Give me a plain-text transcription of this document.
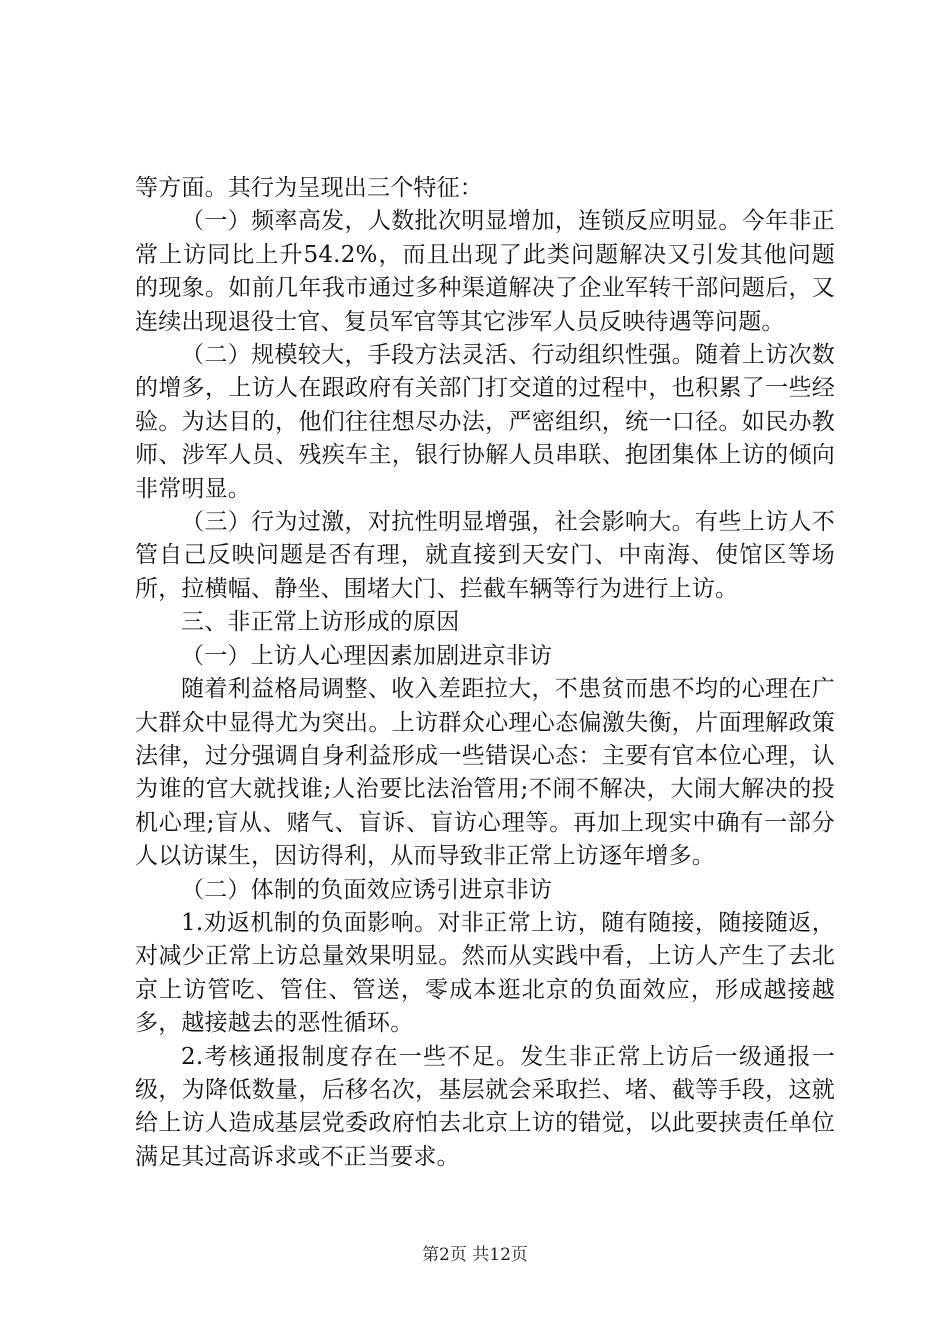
等方面。其行为呈现出三个特征：

（一）频率高发，人数批次明显增加，连锁反应明显。今年非正常上访同比上升54.2%，而且出现了此类问题解决又引发其他问题的现象。如前几年我市通过多种渠道解决了企业军转干部问题后，又连续出现退役士官、复员军官等其它涉军人员反映待遇等问题。

（二）规模较大，手段方法灵活、行动组织性强。随着上访次数的增多，上访人在跟政府有关部门打交道的过程中，也积累了一些经验。为达目的，他们往往想尽办法，严密组织，统一口径。如民办教师、涉军人员、残疾车主，银行协解人员串联、抱团集体上访的倾向非常明显。

（三）行为过激，对抗性明显增强，社会影响大。有些上访人不管自己反映问题是否有理，就直接到天安门、中南海、使馆区等场所，拉横幅、静坐、围堵大门、拦截车辆等行为进行上访。

三、非正常上访形成的原因

（一）上访人心理因素加剧进京非访

随着利益格局调整、收入差距拉大，不患贫而患不均的心理在广大群众中显得尤为突出。上访群众心理心态偏激失衡，片面理解政策法律，过分强调自身利益形成一些错误心态：主要有官本位心理，认为谁的官大就找谁;人治要比法治管用;不闹不解决，大闹大解决的投机心理;盲从、赌气、盲诉、盲访心理等。再加上现实中确有一部分人以访谋生，因访得利，从而导致非正常上访逐年增多。

（二）体制的负面效应诱引进京非访

1.劝返机制的负面影响。对非正常上访，随有随接，随接随返，对减少正常上访总量效果明显。然而从实践中看，上访人产生了去北京上访管吃、管住、管送，零成本逛北京的负面效应，形成越接越多，越接越去的恶性循环。

2.考核通报制度存在一些不足。发生非正常上访后一级通报一级，为降低数量，后移名次，基层就会采取拦、堵、截等手段，这就给上访人造成基层党委政府怕去北京上访的错觉，以此要挟责任单位满足其过高诉求或不正当要求。

第2页 共12页
